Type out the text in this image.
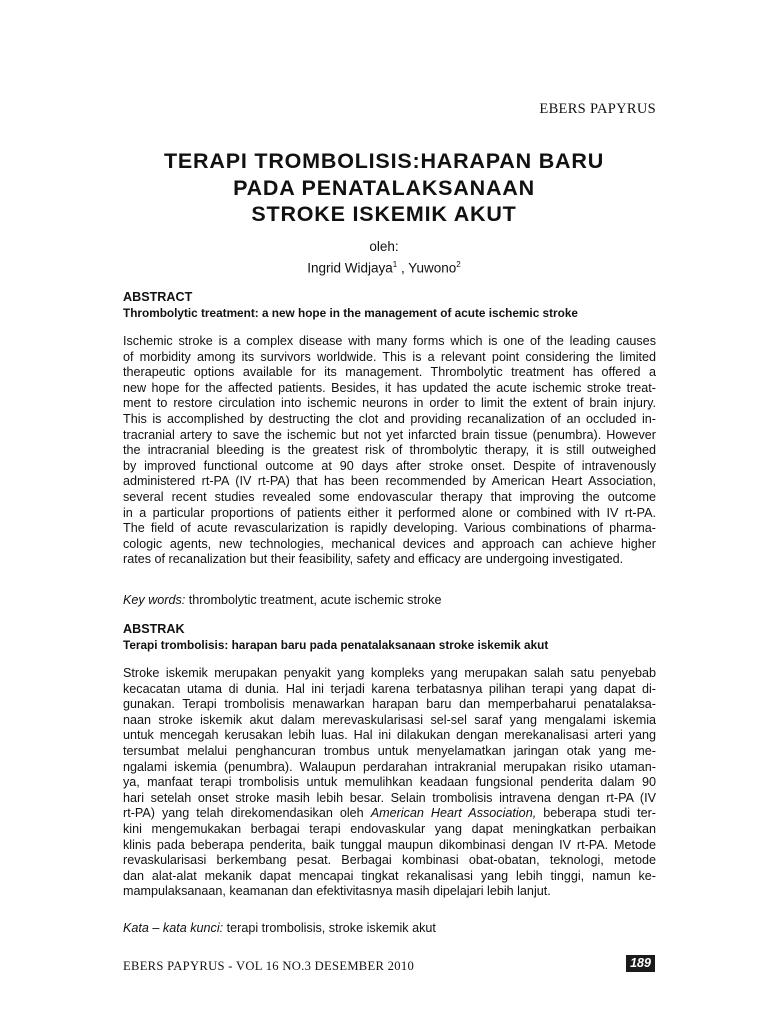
EBERS PAPYRUS
TERAPI TROMBOLISIS:HARAPAN BARU
PADA PENATALAKSANAAN
STROKE ISKEMIK AKUT
oleh:
Ingrid Widjaya$^1$ , Yuwono$^2$
ABSTRACT
Thrombolytic treatment: a new hope in the management of acute ischemic stroke
Ischemic stroke is a complex disease with many forms which is one of the leading causes
of morbidity among its survivors worldwide. This is a relevant point considering the limited
therapeutic options available for its management. Thrombolytic treatment has offered a
new hope for the affected patients. Besides, it has updated the acute ischemic stroke treat-
ment to restore circulation into ischemic neurons in order to limit the extent of brain injury.
This is accomplished by destructing the clot and providing recanalization of an occluded in-
tracranial artery to save the ischemic but not yet infarcted brain tissue (penumbra). However
the intracranial bleeding is the greatest risk of thrombolytic therapy, it is still outweighed
by improved functional outcome at 90 days after stroke onset. Despite of intravenously
administered rt-PA (IV rt-PA) that has been recommended by American Heart Association,
several recent studies revealed some endovascular therapy that improving the outcome
in a particular proportions of patients either it performed alone or combined with IV rt-PA.
The field of acute revascularization is rapidly developing. Various combinations of pharma-
cologic agents, new technologies, mechanical devices and approach can achieve higher
rates of recanalization but their feasibility, safety and efficacy are undergoing investigated.
Key words: thrombolytic treatment, acute ischemic stroke
ABSTRAK
Terapi trombolisis: harapan baru pada penatalaksanaan stroke iskemik akut
Stroke iskemik merupakan penyakit yang kompleks yang merupakan salah satu penyebab
kecacatan utama di dunia. Hal ini terjadi karena terbatasnya pilihan terapi yang dapat di-
gunakan. Terapi trombolisis menawarkan harapan baru dan memperbaharui penatalaksa-
naan stroke iskemik akut dalam merevaskularisasi sel-sel saraf yang mengalami iskemia
untuk mencegah kerusakan lebih luas. Hal ini dilakukan dengan merekanalisasi arteri yang
tersumbat melalui penghancuran trombus untuk menyelamatkan jaringan otak yang me-
ngalami iskemia (penumbra). Walaupun perdarahan intrakranial merupakan risiko utaman-
ya, manfaat terapi trombolisis untuk memulihkan keadaan fungsional penderita dalam 90
hari setelah onset stroke masih lebih besar. Selain trombolisis intravena dengan rt-PA (IV
rt-PA) yang telah direkomendasikan oleh American Heart Association, beberapa studi ter-
kini mengemukakan berbagai terapi endovaskular yang dapat meningkatkan perbaikan
klinis pada beberapa penderita, baik tunggal maupun dikombinasi dengan IV rt-PA. Metode
revaskularisasi berkembang pesat. Berbagai kombinasi obat-obatan, teknologi, metode
dan alat-alat mekanik dapat mencapai tingkat rekanalisasi yang lebih tinggi, namun ke-
mampulaksanaan, keamanan dan efektivitasnya masih dipelajari lebih lanjut.
Kata – kata kunci: terapi trombolisis, stroke iskemik akut
EBERS PAPYRUS - VOL 16 NO.3 DESEMBER 2010	189
